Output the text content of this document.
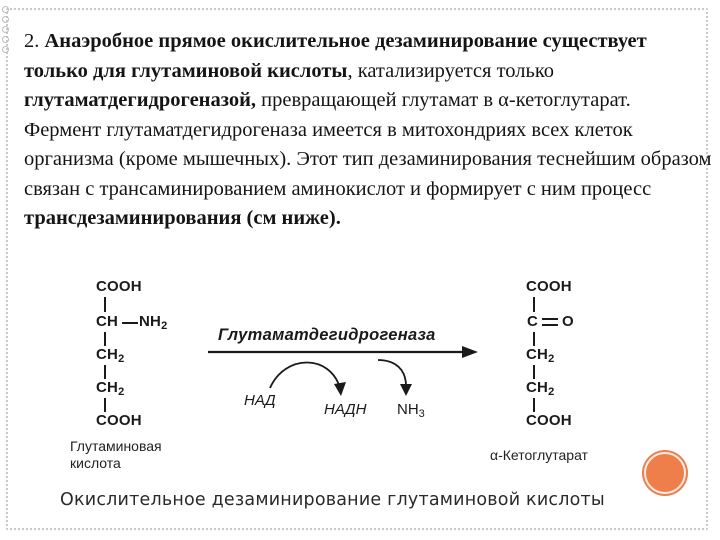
2. Анаэробное прямое окислительное дезаминирование существует только для глутаминовой кислоты, катализируется только глутаматдегидрогеназой, превращающей глутамат в α-кетоглутарат.

Фермент глутаматдегидрогеназа имеется в митохондриях всех клеток организма (кроме мышечных). Этот тип дезаминирования теснейшим образом связан с трансаминированием аминокислот и формирует с ним процесс трансдезаминирования (см ниже).

COOH
CH $NH_2$
$CH_2$
$CH_2$
COOH
Глутаминовая
кислота
Глутаматдегидрогеназа
НАД
НАДН $NH_3$
COOH
C O
$CH_2$
$CH_2$
COOH
α-Кетоглутарат
Окислительное дезаминирование глутаминовой кислоты
